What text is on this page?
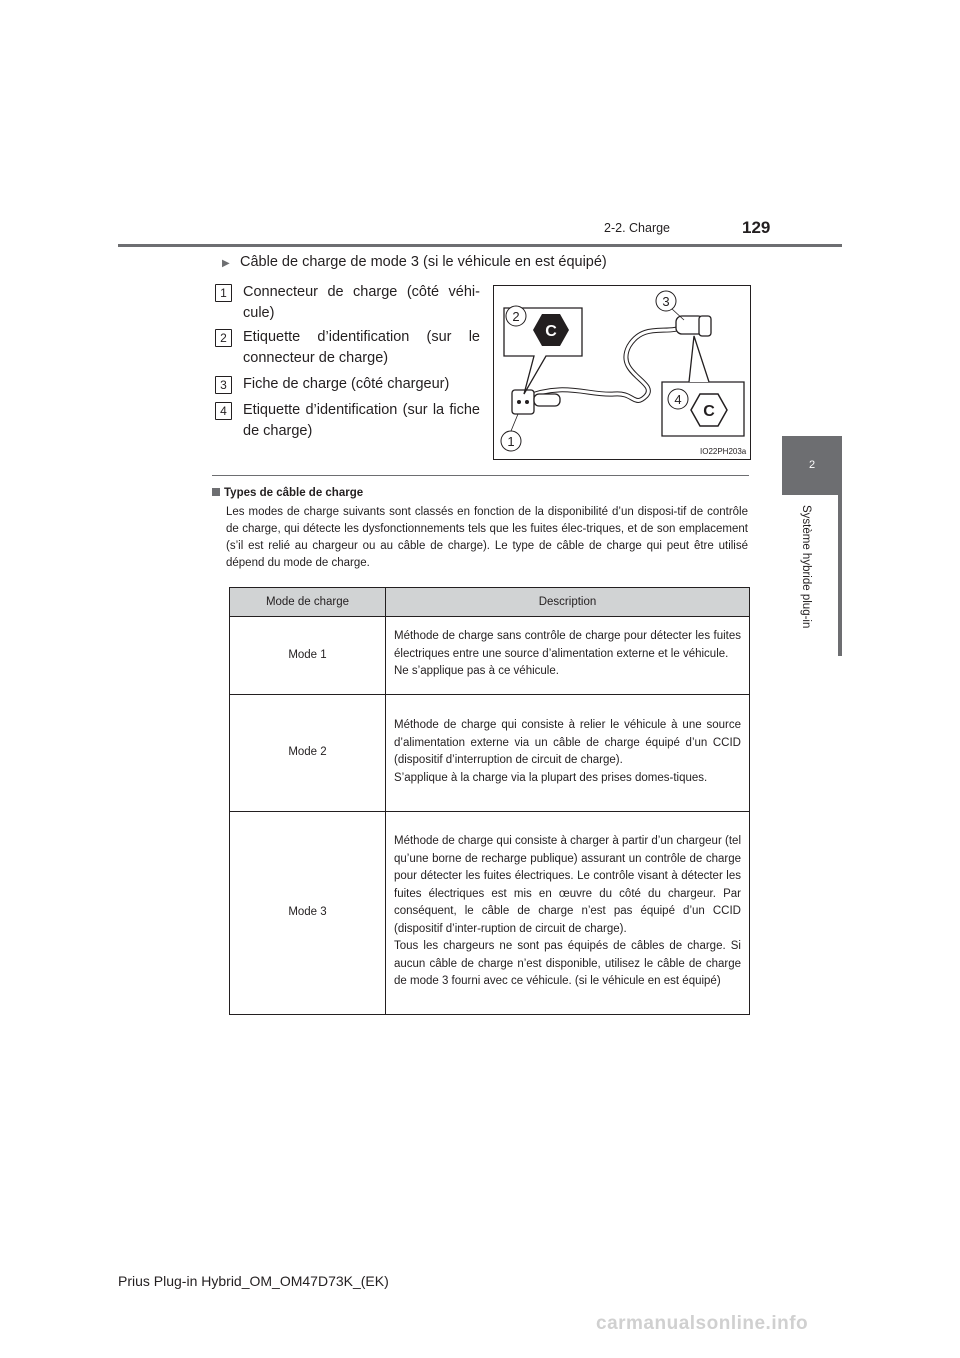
2-2. Charge	129
2
Système hybride plug-in
▶ Câble de charge de mode 3 (si le véhicule en est équipé)
1	Connecteur de charge (côté véhi-cule)
2	Etiquette d’identification (sur le connecteur de charge)
3	Fiche de charge (côté chargeur)
4	Etiquette d’identification (sur la fiche de charge)
C
C
2
3
4
1
IO22PH203a
Types de câble de charge
Les modes de charge suivants sont classés en fonction de la disponibilité d’un disposi-tif de contrôle de charge, qui détecte les dysfonctionnements tels que les fuites élec-triques, et de son emplacement (s’il est relié au chargeur ou au câble de charge). Le type de câble de charge qui peut être utilisé dépend du mode de charge.
Mode de charge	Description
Mode 1	Méthode de charge sans contrôle de charge pour détecter les fuites électriques entre une source d’alimentation externe et le véhicule.
Ne s’applique pas à ce véhicule.
Mode 2	Méthode de charge qui consiste à relier le véhicule à une source d’alimentation externe via un câble de charge équipé d’un CCID (dispositif d’interruption de circuit de charge).
S’applique à la charge via la plupart des prises domes-tiques.
Mode 3	Méthode de charge qui consiste à charger à partir d’un chargeur (tel qu’une borne de recharge publique) assurant un contrôle de charge pour détecter les fuites électriques. Le contrôle visant à détecter les fuites électriques est mis en œuvre du côté du chargeur. Par conséquent, le câble de charge n’est pas équipé d’un CCID (dispositif d’inter-ruption de circuit de charge).
Tous les chargeurs ne sont pas équipés de câbles de charge. Si aucun câble de charge n’est disponible, utilisez le câble de charge de mode 3 fourni avec ce véhicule. (si le véhicule en est équipé)
Prius Plug-in Hybrid_OM_OM47D73K_(EK)
carmanualsonline.info
